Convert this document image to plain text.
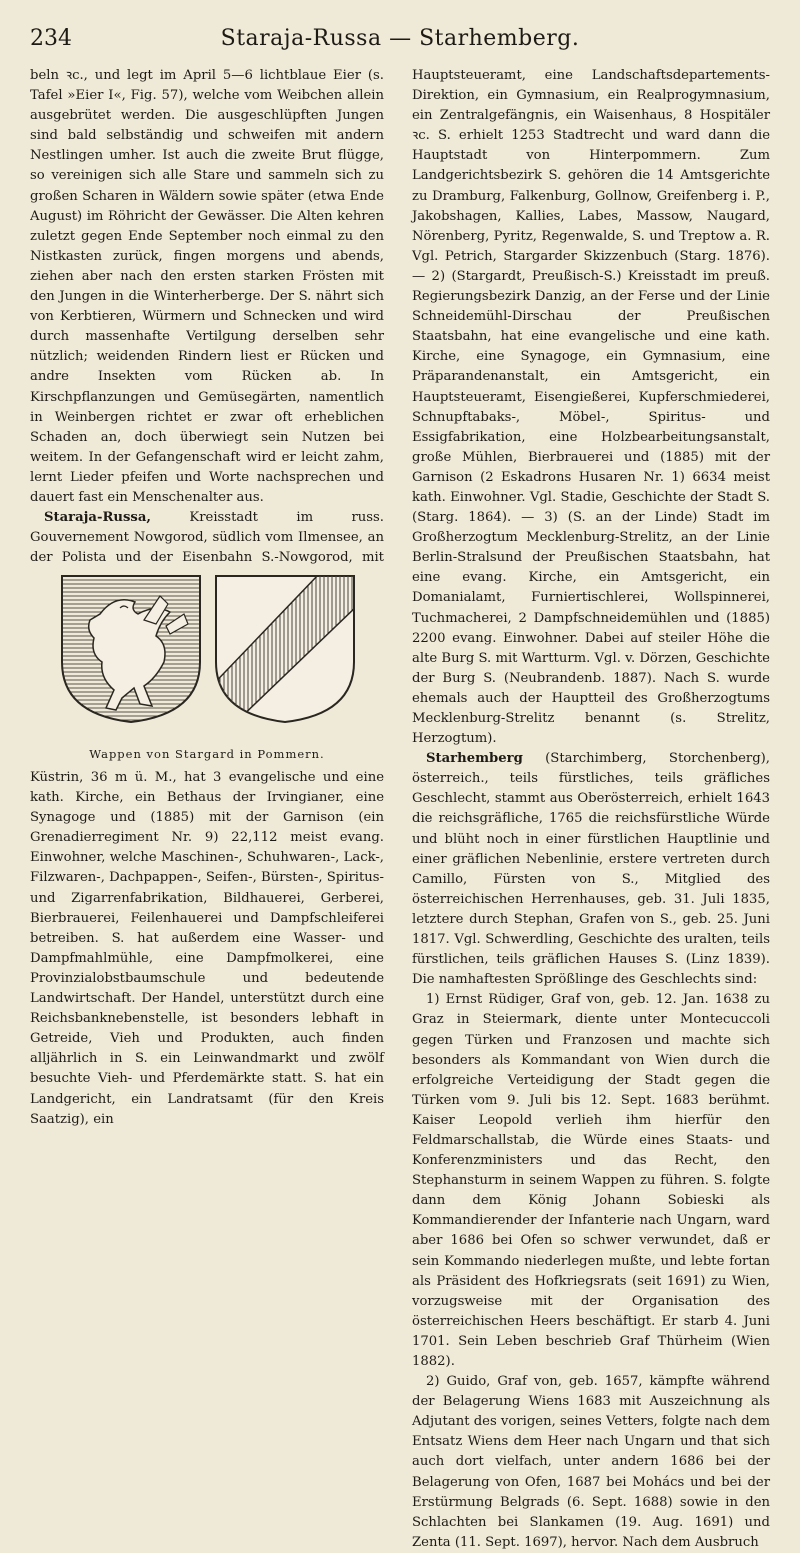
234	Staraja-Russa — Starhemberg.

beln ꝛc., und legt im April 5—6 lichtblaue Eier (s. Tafel »Eier I«, Fig. 57), welche vom Weibchen allein ausgebrütet werden. Die ausgeschlüpften Jungen sind bald selbständig und schweifen mit andern Nestlingen umher. Ist auch die zweite Brut flügge, so vereinigen sich alle Stare und sammeln sich zu großen Scharen in Wäldern sowie später (etwa Ende August) im Röhricht der Gewässer. Die Alten kehren zuletzt gegen Ende September noch einmal zu den Nistkasten zurück, fingen morgens und abends, ziehen aber nach den ersten starken Frösten mit den Jungen in die Winterherberge. Der S. nährt sich von Kerbtieren, Würmern und Schnecken und wird durch massenhafte Vertilgung derselben sehr nützlich; weidenden Rindern liest er Rücken und andre Insekten vom Rücken ab. In Kirschpflanzungen und Gemüsegärten, namentlich in Weinbergen richtet er zwar oft erheblichen Schaden an, doch überwiegt sein Nutzen bei weitem. In der Gefangenschaft wird er leicht zahm, lernt Lieder pfeifen und Worte nachsprechen und dauert fast ein Menschenalter aus.

Staraja-Russa,	Kreisstadt im russ. Gouvernement Nowgorod, südlich vom Ilmensee, an der Polista und der Eisenbahn S.-Nowgorod, mit

Wappen von Stargard in Pommern.

Küstrin, 36 m ü. M., hat 3 evangelische und eine kath. Kirche, ein Bethaus der Irvingianer, eine Synagoge und (1885) mit der Garnison (ein Grenadierregiment Nr. 9) 22,112 meist evang. Einwohner, welche Maschinen-, Schuhwaren-, Lack-, Filzwaren-, Dachpappen-, Seifen-, Bürsten-, Spiritus- und Zigarrenfabrikation, Bildhauerei, Gerberei, Bierbrauerei, Feilenhauerei und Dampfschleiferei betreiben. S. hat außerdem eine Wasser- und Dampfmahlmühle, eine Dampfmolkerei, eine Provinzialobstbaumschule und bedeutende Landwirtschaft. Der Handel, unterstützt durch eine Reichsbanknebenstelle, ist besonders lebhaft in Getreide, Vieh und Produkten, auch finden alljährlich in S. ein Leinwandmarkt und zwölf besuchte Vieh- und Pferdemärkte statt. S. hat ein Landgericht, ein Landratsamt (für den Kreis Saatzig), ein

Hauptsteueramt, eine Landschaftsdepartements-Direktion, ein Gymnasium, ein Realprogymnasium, ein Zentralgefängnis, ein Waisenhaus, 8 Hospitäler ꝛc. S. erhielt 1253 Stadtrecht und ward dann die Hauptstadt von Hinterpommern. Zum Landgerichtsbezirk S. gehören die 14 Amtsgerichte zu Dramburg, Falkenburg, Gollnow, Greifenberg i. P., Jakobshagen, Kallies, Labes, Massow, Naugard, Nörenberg, Pyritz, Regenwalde, S. und Treptow a. R. Vgl. Petrich, Stargarder Skizzenbuch (Starg. 1876).— 2) (Stargardt, Preußisch-S.) Kreisstadt im preuß. Regierungsbezirk Danzig, an der Ferse und der Linie Schneidemühl-Dirschau der Preußischen Staatsbahn, hat eine evangelische und eine kath. Kirche, eine Synagoge, ein Gymnasium, eine Präparandenanstalt, ein Amtsgericht, ein Hauptsteueramt, Eisengießerei, Kupferschmiederei, Schnupftabaks-, Möbel-, Spiritus- und Essigfabrikation, eine Holzbearbeitungsanstalt, große Mühlen, Bierbrauerei und (1885) mit der Garnison (2 Eskadrons Husaren Nr. 1) 6634 meist kath. Einwohner. Vgl. Stadie, Geschichte der Stadt S. (Starg. 1864). — 3) (S. an der Linde) Stadt im Großherzogtum Mecklenburg-Strelitz, an der Linie Berlin-Stralsund der Preußischen Staatsbahn, hat eine evang. Kirche, ein Amtsgericht, ein Domanialamt, Furniertischlerei, Wollspinnerei, Tuchmacherei, 2 Dampfschneidemühlen und (1885) 2200 evang. Einwohner. Dabei auf steiler Höhe die alte Burg S. mit Wartturm. Vgl. v. Dörzen, Geschichte der Burg S. (Neubrandenb. 1887). Nach S. wurde ehemals auch der Hauptteil des Großherzogtums Mecklenburg-Strelitz benannt (s. Strelitz, Herzogtum).

Starhemberg (Starchimberg, Storchenberg), österreich., teils fürstliches, teils gräfliches Geschlecht, stammt aus Oberösterreich, erhielt 1643 die reichsgräfliche, 1765 die reichsfürstliche Würde und blüht noch in einer fürstlichen Hauptlinie und einer gräflichen Nebenlinie, erstere vertreten durch Camillo, Fürsten von S., Mitglied des österreichischen Herrenhauses, geb. 31. Juli 1835, letztere durch Stephan, Grafen von S., geb. 25. Juni 1817. Vgl. Schwerdling, Geschichte des uralten, teils fürstlichen, teils gräflichen Hauses S. (Linz 1839). Die namhaftesten Sprößlinge des Geschlechts sind:

1) Ernst Rüdiger, Graf von, geb. 12. Jan. 1638 zu Graz in Steiermark, diente unter Montecuccoli gegen Türken und Franzosen und machte sich besonders als Kommandant von Wien durch die erfolgreiche Verteidigung der Stadt gegen die Türken vom 9. Juli bis 12. Sept. 1683 berühmt. Kaiser Leopold verlieh ihm hierfür den Feldmarschallstab, die Würde eines Staats- und Konferenzministers und das Recht, den Stephansturm in seinem Wappen zu führen. S. folgte dann dem König Johann Sobieski als Kommandierender der Infanterie nach Ungarn, ward aber 1686 bei Ofen so schwer verwundet, daß er sein Kommando niederlegen mußte, und lebte fortan als Präsident des Hofkriegsrats (seit 1691) zu Wien, vorzugsweise mit der Organisation des österreichischen Heers beschäftigt. Er starb 4. Juni 1701. Sein Leben beschrieb Graf Thürheim (Wien 1882).

2) Guido, Graf von, geb. 1657, kämpfte während der Belagerung Wiens 1683 mit Auszeichnung als Adjutant des vorigen, seines Vetters, folgte nach dem Entsatz Wiens dem Heer nach Ungarn und that sich auch dort vielfach, unter andern 1686 bei der Belagerung von Ofen, 1687 bei Mohács und bei der Erstürmung Belgrads (6. Sept. 1688) sowie in den Schlachten bei Slankamen (19. Aug. 1691) und Zenta (11. Sept. 1697), hervor. Nach dem Ausbruch
